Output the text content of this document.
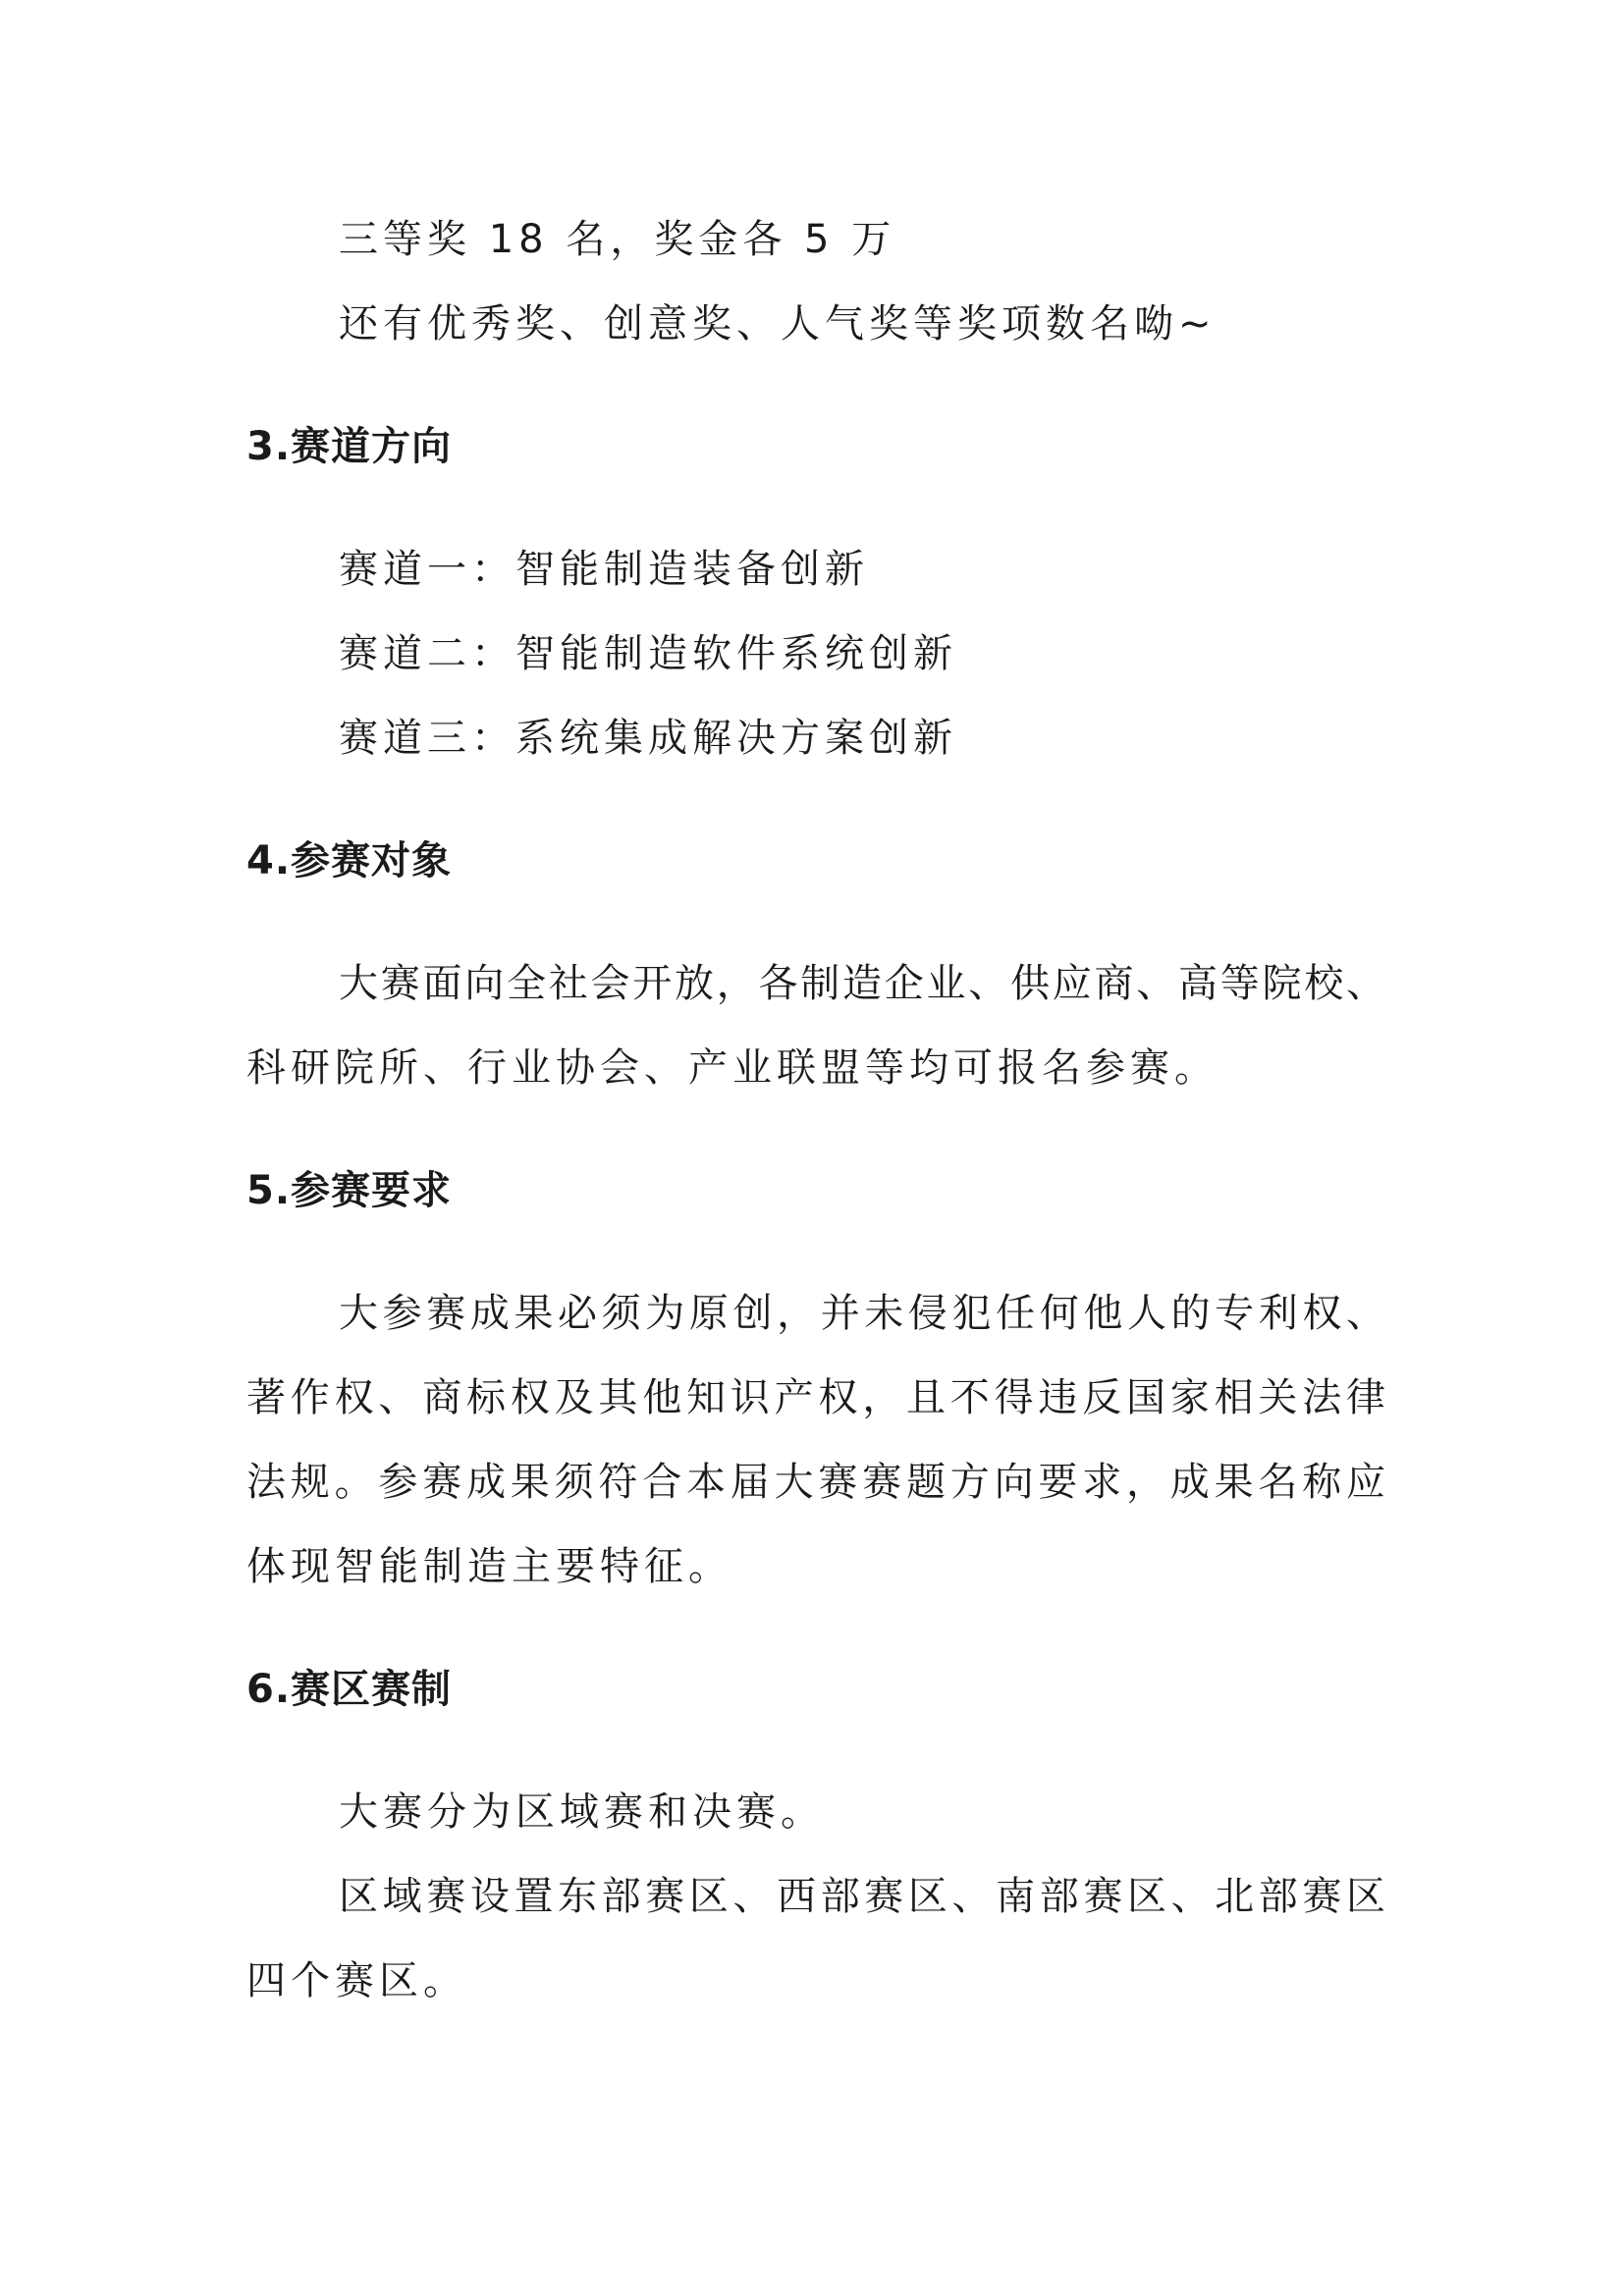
三等奖 18 名，奖金各 5 万
还有优秀奖、创意奖、人气奖等奖项数名呦~
3.赛道方向
赛道一：智能制造装备创新
赛道二：智能制造软件系统创新
赛道三：系统集成解决方案创新
4.参赛对象
大赛面向全社会开放，各制造企业、供应商、高等院校、
科研院所、行业协会、产业联盟等均可报名参赛。
5.参赛要求
大参赛成果必须为原创，并未侵犯任何他人的专利权、
著作权、商标权及其他知识产权，且不得违反国家相关法律
法规。参赛成果须符合本届大赛赛题方向要求，成果名称应
体现智能制造主要特征。
6.赛区赛制
大赛分为区域赛和决赛。
区域赛设置东部赛区、西部赛区、南部赛区、北部赛区
四个赛区。
